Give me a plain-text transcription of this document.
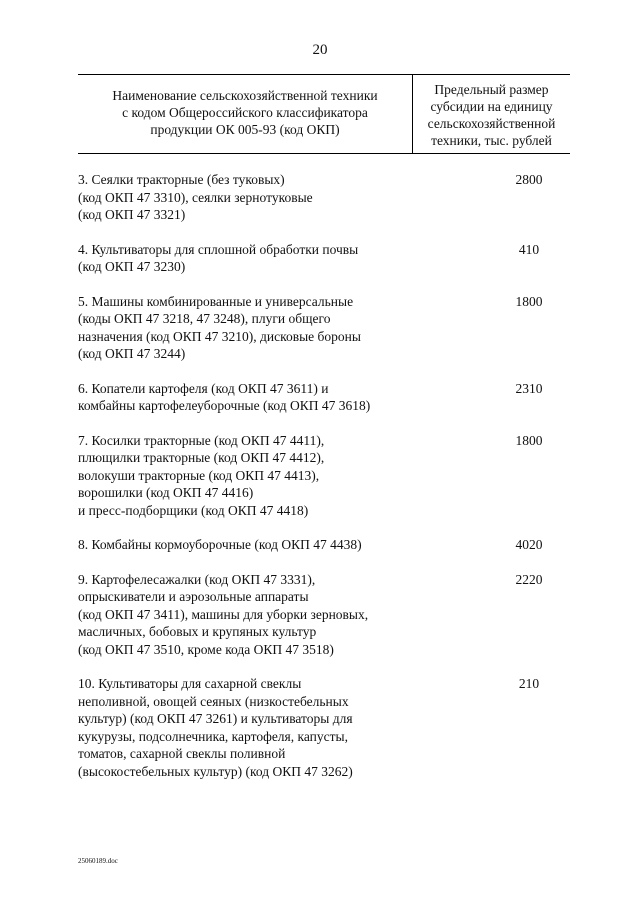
20
Наименование сельскохозяйственной техники
с кодом Общероссийского классификатора
продукции ОК 005-93 (код ОКП)
Предельный размер
субсидии на единицу
сельскохозяйственной
техники, тыс. рублей
3. Сеялки тракторные (без туковых)
(код ОКП 47 3310), сеялки зернотуковые
(код ОКП 47 3321)
2800
4. Культиваторы для сплошной обработки почвы
(код ОКП 47 3230)
410
5. Машины комбинированные и универсальные
(коды ОКП 47 3218, 47 3248), плуги общего
назначения (код ОКП 47 3210), дисковые бороны
(код ОКП 47 3244)
1800
6. Копатели картофеля (код ОКП 47 3611) и
комбайны картофелеуборочные (код ОКП 47 3618)
2310
7. Косилки тракторные (код ОКП 47 4411),
плющилки тракторные (код ОКП 47 4412),
волокуши тракторные (код ОКП 47 4413),
ворошилки (код ОКП 47 4416)
и пресс-подборщики (код ОКП 47 4418)
1800
8. Комбайны кормоуборочные (код ОКП 47 4438)	4020
9. Картофелесажалки (код ОКП 47 3331),
опрыскиватели и аэрозольные аппараты
(код ОКП 47 3411), машины для уборки зерновых,
масличных, бобовых и крупяных культур
(код ОКП 47 3510, кроме кода ОКП 47 3518)
2220
10. Культиваторы для сахарной свеклы
неполивной, овощей сеяных (низкостебельных
культур) (код ОКП 47 3261) и культиваторы для
кукурузы, подсолнечника, картофеля, капусты,
томатов, сахарной свеклы поливной
(высокостебельных культур) (код ОКП 47 3262)
210
25060189.doc
